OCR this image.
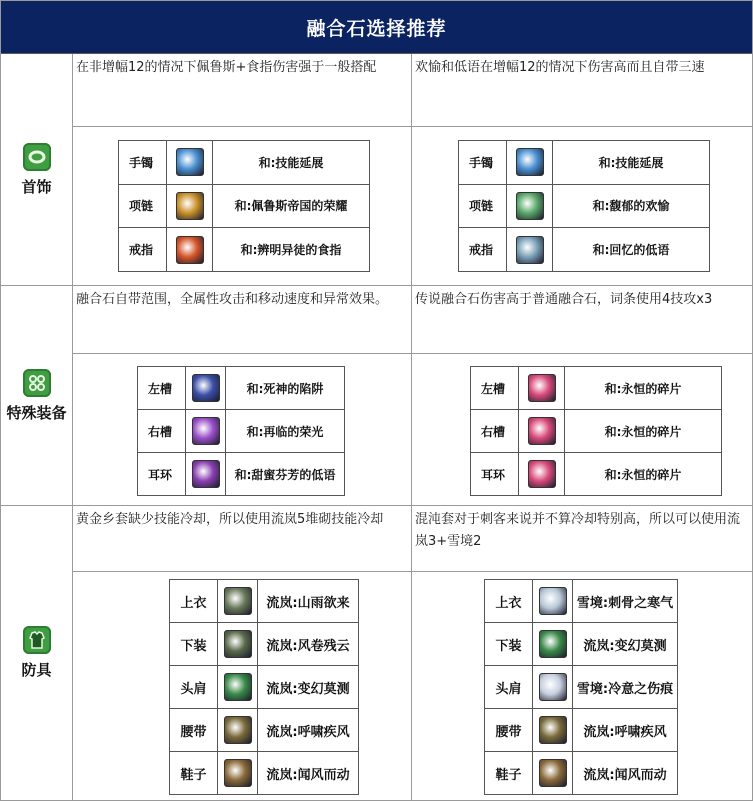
融合石选择推荐
首饰
在非增幅12的情况下佩鲁斯+食指伤害强于一般搭配
手镯		和:技能延展
项链		和:佩鲁斯帝国的荣耀
戒指		和:辨明异徒的食指
欢愉和低语在增幅12的情况下伤害高而且自带三速
手镯		和:技能延展
项链		和:馥郁的欢愉
戒指		和:回忆的低语
特殊装备
融合石自带范围，全属性攻击和移动速度和异常效果。
左槽		和:死神的陷阱
右槽		和:再临的荣光
耳环		和:甜蜜芬芳的低语
传说融合石伤害高于普通融合石，词条使用4技攻x3
左槽		和:永恒的碎片
右槽		和:永恒的碎片
耳环		和:永恒的碎片
防具
黄金乡套缺少技能冷却，所以使用流岚5堆砌技能冷却
上衣		流岚:山雨欲来
下装		流岚:风卷残云
头肩		流岚:变幻莫测
腰带		流岚:呼啸疾风
鞋子		流岚:闻风而动
混沌套对于刺客来说并不算冷却特别高，所以可以使用流岚3+雪境2
上衣		雪境:刺骨之寒气
下装		流岚:变幻莫测
头肩		雪境:冷意之伤痕
腰带		流岚:呼啸疾风
鞋子		流岚:闻风而动
